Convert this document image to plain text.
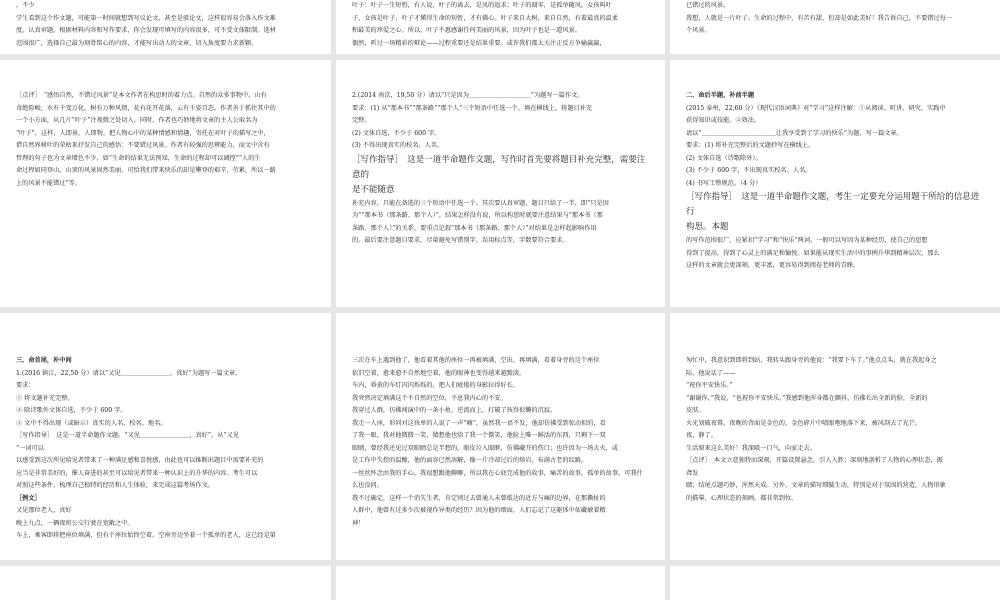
，不少

学生看到这个作文题，可能第一时间就想到写议论文，甚至是驳论文，这样很容易会落入作文难

度。认真审题，根据材料内容和写作要求，你会发现可填写的内容很多，可不受文体限制。选材

范围很广，选择自己最为刻骨铭心的内容，才能写出动人的文章，切入角度要力求新颖。

叶子：叶子一生短暂，有人说，叶子的离去，是风的追求；叶子的凋零，是孤单随风。女孩叫叶

子，女孩是叶子，叶子才懂得生命的短暂，才有佛心。叶子来自大树，来自自然，有着最真的温柔

和最美的珍爱之心。所以，叶子不惠感谢任何美丽的风景，因为叶子也是一道风景。

偶然，听过一场精彩的辩论——过程重要还是结果重要。或许我们都太关注正反方争输赢赢，

已错过的风景。

我想，人就是一片叶子。生命的过程中，有苦有甜，但却是如此美好！我告诉自己，不要错过每一

个风景。

［点评］　“感悟自然，不错过风景”是本文作者在构思时的着力点。自然的众多事物中，山有

奇绝险峻，水有千变万化，树有万种风情，花有花开花落，云有千姿百态。作者善于抓住其中的

一个小方面，从几片“叶子”注视微之处切入。同时，作者也巧妙地将文章的主人公取名为

“叶子”，这样，人即景，人即物。把人物心中的某种情感和情趣，寄托在对叶子的描写之中，

借自然界树叶的荣枯来抒发自己的感悟：不要错过风景。作者有较强的思辨能力，而文中含有

哲理的句子也为文章增色不少，如“生命的结果无法预知，生命的过程却可以调控”“人的生

命过程如同登山，山顶的风景固然美丽，可恰我们带来快乐的却是攀登的艰辛，劳累，所以一路

上的风景不能错过”等。

2.(2014 南京，19,50 分）请以“只是因为＿＿＿＿＿＿＿＿＿＿”为题写一篇作文。

要求：(1) 从“那本书”“那条路”“那个人”三个短语中任选一个，填在横线上，将题目补充

完整。

(2) 文体自选，不少于 600 字。

(3) 不得出现真实的校名、人名。

［写作指导］　这是一道半命题作文题，写作时首先要将题目补充完整，需要注意的

是不能随意

补充内容，只能在备选的三个短语中任选一个。其次要认真审题，题目只给了一半，即“只是因

为”“那本书（那条路、那个人）”，结果怎样没有说，所以构思时就要注意结果与“那本书（那

条路、那个人）”的关系，要重点记叙“那本书（那条路、那个人）”对结果是怎样起影响作用

的。最后要注意题目要求，尽量避免写错别字、误用标点等，字数要符合要求。

二、命后半题，补前半题

(2015 泰州，22,60 分）《现代汉语词典》对“学习”这样注解：①从阅读、听讲、研究、实践中

获得知识或技能。②效法。

请以“＿＿＿＿＿＿＿＿＿＿＿＿让我享受到了学习的快乐”为题，写一篇文章。

要求：(1) 将补充完整后的文题抄写在横线上。

(2) 文体自选（诗歌除外）。

(3) 不少于 600 字，不出现真实校名、人名。

(4) 书写工整规范。（4 分）

［写作指导］　这是一道半命题作文题，考生一定要充分运用题干所给的信息进行

构思。本题

的写作范围很广，应紧扣“学习”和“快乐”两词。一般可以写因为某种经历，使自己的思想

得到了提高，得到了心灵上的满足和愉悦。如果能从现实生活中的事例升华到精神层次，那么

这样的文章就会更深刻，更丰富，更容易得到阅卷老师的青睐。

三、命首尾，补中间

1.(2016 镇江，22,50 分）请以“又见＿＿＿＿＿＿＿＿，真好”为题写一篇文章。

要求：

① 将文题补充完整。

② 除诗歌外文体自选，不少于 600 字。

③ 文中不得出现（或暗示）真实的人名、校名、地名。

［写作指导］　这是一道半命题作文题。“又见＿＿＿＿＿＿＿＿，真好”，从“又见

”一词可以

以感受到这次所见给见者带来了一种满足感和喜悦感，由此也可以推断出题目中需要补充的

应当是非常美好的，催人奋进的甚至可以给见者带来一种认识上的升华的内容。考生可以

对照这些条件，梳理自己独特的经历和人生体验，来完成这篇考场作文。

［例文］

又见那位老人，真好

晚上九点，一辆夜班公交行驶在宽敞之中。

车上，乘客即将把座位填满，但有个座位始终空着。空座旁边坐着一个孤单的老人，这已经是第

三次在车上遇到他了，他看着其他的座位一再被填满，空出，再填满，看着身旁的这个座位

依旧空着，愈来愈不自然地空着，他的眼神也变得越来越黯淡。

车内，昏黄的车灯闪闪烁烁的，把人们疲倦的身影拉得好长。

我突然决定填满这个不自然的空位，平息我内心的不安。

我穿过人群，仿佛闯演中的一条小鱼，逆流而上，打破了孩得很懒的沉寂。

我走一人座，形同对这孩单的人说了一声“嗨”，虽然我一语不发，他却仿佛受到惊动似的，看

了我一眼，我对他微微一笑，猜想他也给了我一个微笑，他脸上唯一鲜活的东西，只剩下一双

眼睛，曾经我还见过双眼睛总是半想的，眼皮垃入眼眶，仿佛藏开的伤口；也许因为一场大火，或

是工作中失控的温酸，他的面容已然溶解，像一片冷却过后的熔岩，布满古老的纹路。

一丝丝怀念由我的手心，我很想跟他聊聊，所以我在心底完成他的故事，痛苦的故事，孤单的故事，可我什

么也没问。

我不过确定，这样一个消失生者，肯定则过去曾通人未曾抵达的近方与痛的边界，在那撕扯的

人群中，他曾有过多少次被视作异类的经历？因为他的细面，人们忘记了这躯体中依藏敏着精

神！

匆忙中，我意识到即将到站，我转头跟身旁的他说：“我要下车了。”他点点头，就在我起身之

际，他说话了——

“祝你平安快乐。”

“谢谢你，”我说，“也祝你平安快乐。”我感到他浑身都在颤抖，仿佛长出全新的脸，全新的

皮肤。

火光划破夜幕，夜晚的背面是金色的，金色碎片中喷眼咆地落下来，被风刮去了光芒。

夜，静了。

生活原来这么美好！我深吸一口气，向家走去。

［点评］　本文立意独特而深刻，开篇设置悬念，引人入胜；深刻地剖析了人物的心理状态，振

聋发

聩；结尾点题巧妙，浑然天成。另外，文章的描写细腻生动，特别是对于氛围的营造，人物形象

的描摹、心理状态的刻画，都非常到位。
